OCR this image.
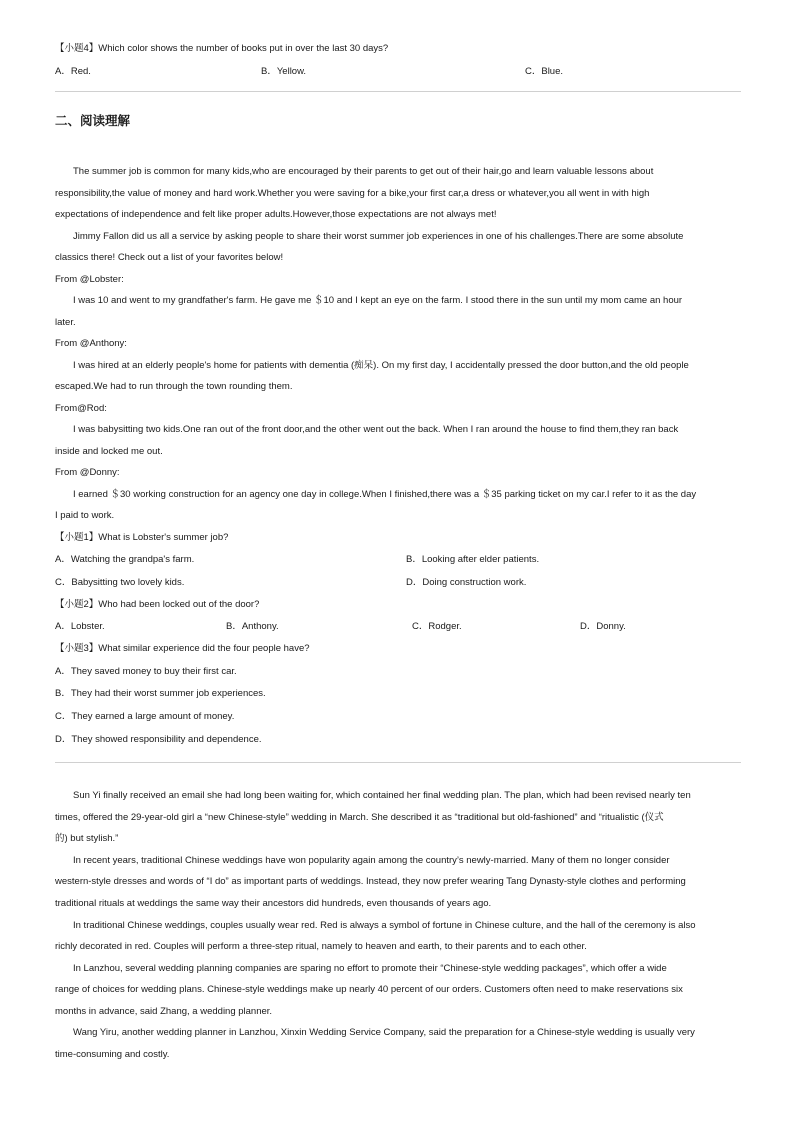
【小题4】Which color shows the number of books put in over the last 30 days?
A．Red.	B．Yellow.	C．Blue.
二、阅读理解
The summer job is common for many kids,who are encouraged by their parents to get out of their hair,go and learn valuable lessons about
responsibility,the value of money and hard work.Whether you were saving for a bike,your first car,a dress or whatever,you all went in with high
expectations of independence and felt like proper adults.However,those expectations are not always met!
Jimmy Fallon did us all a service by asking people to share their worst summer job experiences in one of his challenges.There are some absolute
classics there! Check out a list of your favorites below!
From @Lobster:
I was 10 and went to my grandfather's farm. He gave me ＄10 and I kept an eye on the farm. I stood there in the sun until my mom came an hour
later.
From @Anthony:
I was hired at an elderly people's home for patients with dementia (痴呆). On my first day, I accidentally pressed the door button,and the old people
escaped.We had to run through the town rounding them.
From@Rod:
I was babysitting two kids.One ran out of the front door,and the other went out the back. When I ran around the house to find them,they ran back
inside and locked me out.
From @Donny:
I earned ＄30 working construction for an agency one day in college.When I finished,there was a ＄35 parking ticket on my car.I refer to it as the day
I paid to work.
【小题1】What is Lobster's summer job?
A．Watching the grandpa's farm.	B．Looking after elder patients.
C．Babysitting two lovely kids.	D．Doing construction work.
【小题2】Who had been locked out of the door?
A．Lobster.	B．Anthony.	C．Rodger.	D．Donny.
【小题3】What similar experience did the four people have?
A．They saved money to buy their first car.
B．They had their worst summer job experiences.
C．They earned a large amount of money.
D．They showed responsibility and dependence.
Sun Yi finally received an email she had long been waiting for, which contained her final wedding plan. The plan, which had been revised nearly ten
times, offered the 29-year-old girl a “new Chinese-style” wedding in March. She described it as “traditional but old-fashioned” and “ritualistic (仪式
的) but stylish.”
In recent years, traditional Chinese weddings have won popularity again among the country’s newly-married. Many of them no longer consider
western-style dresses and words of “I do” as important parts of weddings. Instead, they now prefer wearing Tang Dynasty-style clothes and performing
traditional rituals at weddings the same way their ancestors did hundreds, even thousands of years ago.
In traditional Chinese weddings, couples usually wear red. Red is always a symbol of fortune in Chinese culture, and the hall of the ceremony is also
richly decorated in red. Couples will perform a three-step ritual, namely to heaven and earth, to their parents and to each other.
In Lanzhou, several wedding planning companies are sparing no effort to promote their “Chinese-style wedding packages”, which offer a wide
range of choices for wedding plans. Chinese-style weddings make up nearly 40 percent of our orders. Customers often need to make reservations six
months in advance, said Zhang, a wedding planner.
Wang Yiru, another wedding planner in Lanzhou, Xinxin Wedding Service Company, said the preparation for a Chinese-style wedding is usually very
time-consuming and costly.
